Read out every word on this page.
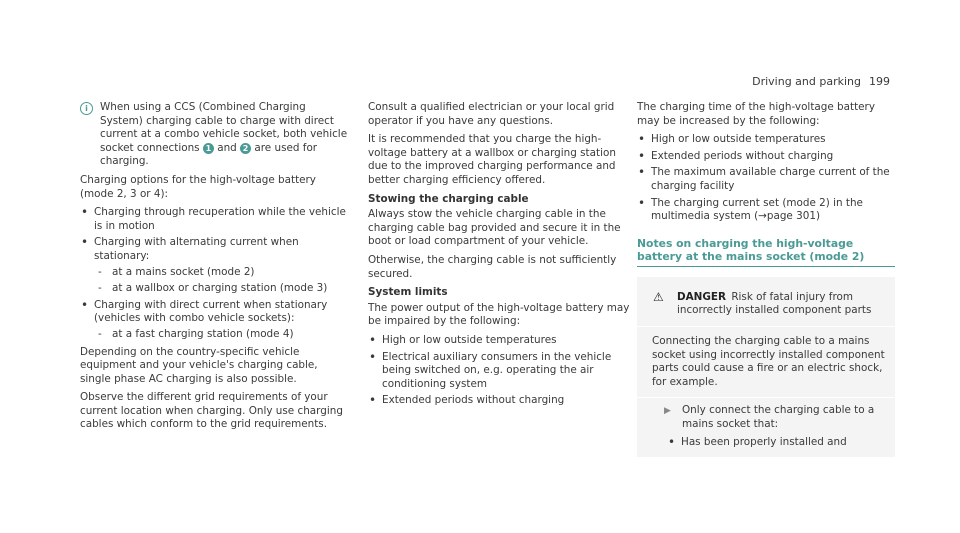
Driving and parking 199
i	When using a CCS (Combined Charging System) charging cable to charge with direct current at a combo vehicle socket, both vehicle socket connections 1 and 2 are used for charging.

Charging options for the high-voltage battery (mode 2, 3 or 4):

• Charging through recuperation while the vehicle is in motion
• Charging with alternating current when stationary:
- at a mains socket (mode 2)
- at a wallbox or charging station (mode 3)
• Charging with direct current when stationary (vehicles with combo vehicle sockets):
- at a fast charging station (mode 4)

Depending on the country-specific vehicle equipment and your vehicle's charging cable, single phase AC charging is also possible.

Observe the different grid requirements of your current location when charging. Only use charging cables which conform to the grid requirements.

Consult a qualified electrician or your local grid operator if you have any questions.

It is recommended that you charge the high-voltage battery at a wallbox or charging station due to the improved charging performance and better charging efficiency offered.

Stowing the charging cable

Always stow the vehicle charging cable in the charging cable bag provided and secure it in the boot or load compartment of your vehicle.

Otherwise, the charging cable is not sufficiently secured.

System limits

The power output of the high-voltage battery may be impaired by the following:

• High or low outside temperatures
• Electrical auxiliary consumers in the vehicle being switched on, e.g. operating the air conditioning system
• Extended periods without charging

The charging time of the high-voltage battery may be increased by the following:

• High or low outside temperatures
• Extended periods without charging
• The maximum available charge current of the charging facility
• The charging current set (mode 2) in the multimedia system (→page 301)
Notes on charging the high-voltage battery at the mains socket (mode 2)
⚠ DANGER Risk of fatal injury from incorrectly installed component parts
Connecting the charging cable to a mains socket using incorrectly installed component parts could cause a fire or an electric shock, for example.
▶ Only connect the charging cable to a mains socket that:
• Has been properly installed and
